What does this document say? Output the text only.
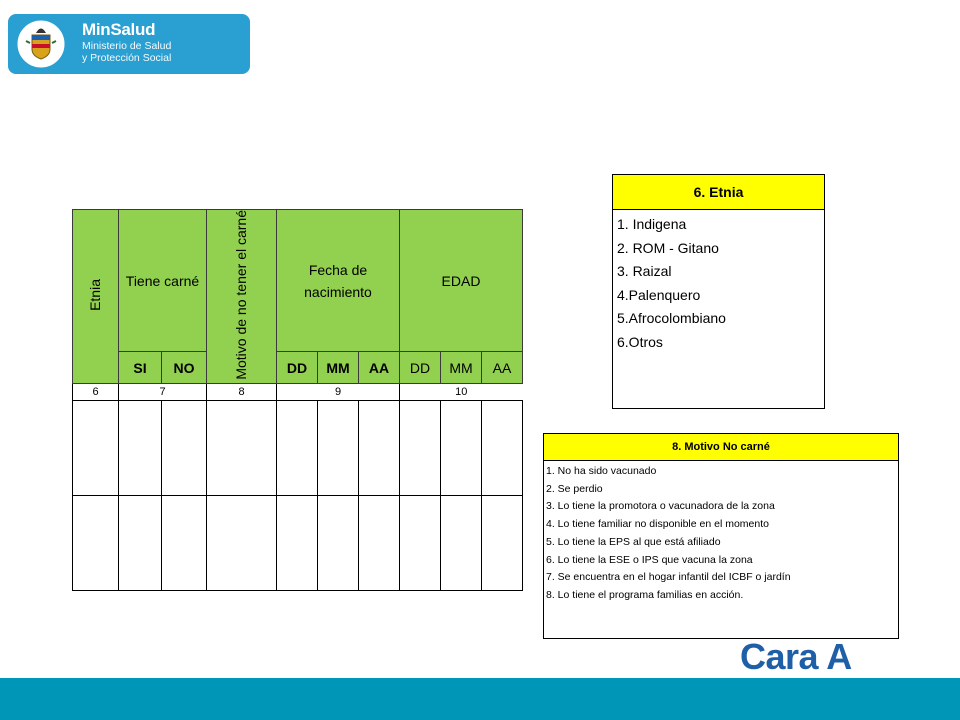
MinSalud
Ministerio de Salud
y Protección Social
Etnia	Tiene carné		Motivo de no tener el carné	Fecha de nacimiento			EDAD		
	SI	NO		DD	MM	AA	DD	MM	AA
6	7		8	9			10		

6. Etnia
1. Indigena
2. ROM - Gitano
3. Raizal
4.Palenquero
5.Afrocolombiano
6.Otros
8. Motivo No carné
1. No ha sido vacunado
2. Se perdio
3. Lo tiene la promotora o vacunadora de la zona
4. Lo tiene familiar no disponible en el momento
5. Lo tiene la EPS al que está afiliado
6. Lo tiene la ESE o IPS que vacuna la zona
7. Se encuentra en el hogar infantil del ICBF o jardín
8. Lo tiene el programa familias en acción.
Cara A
